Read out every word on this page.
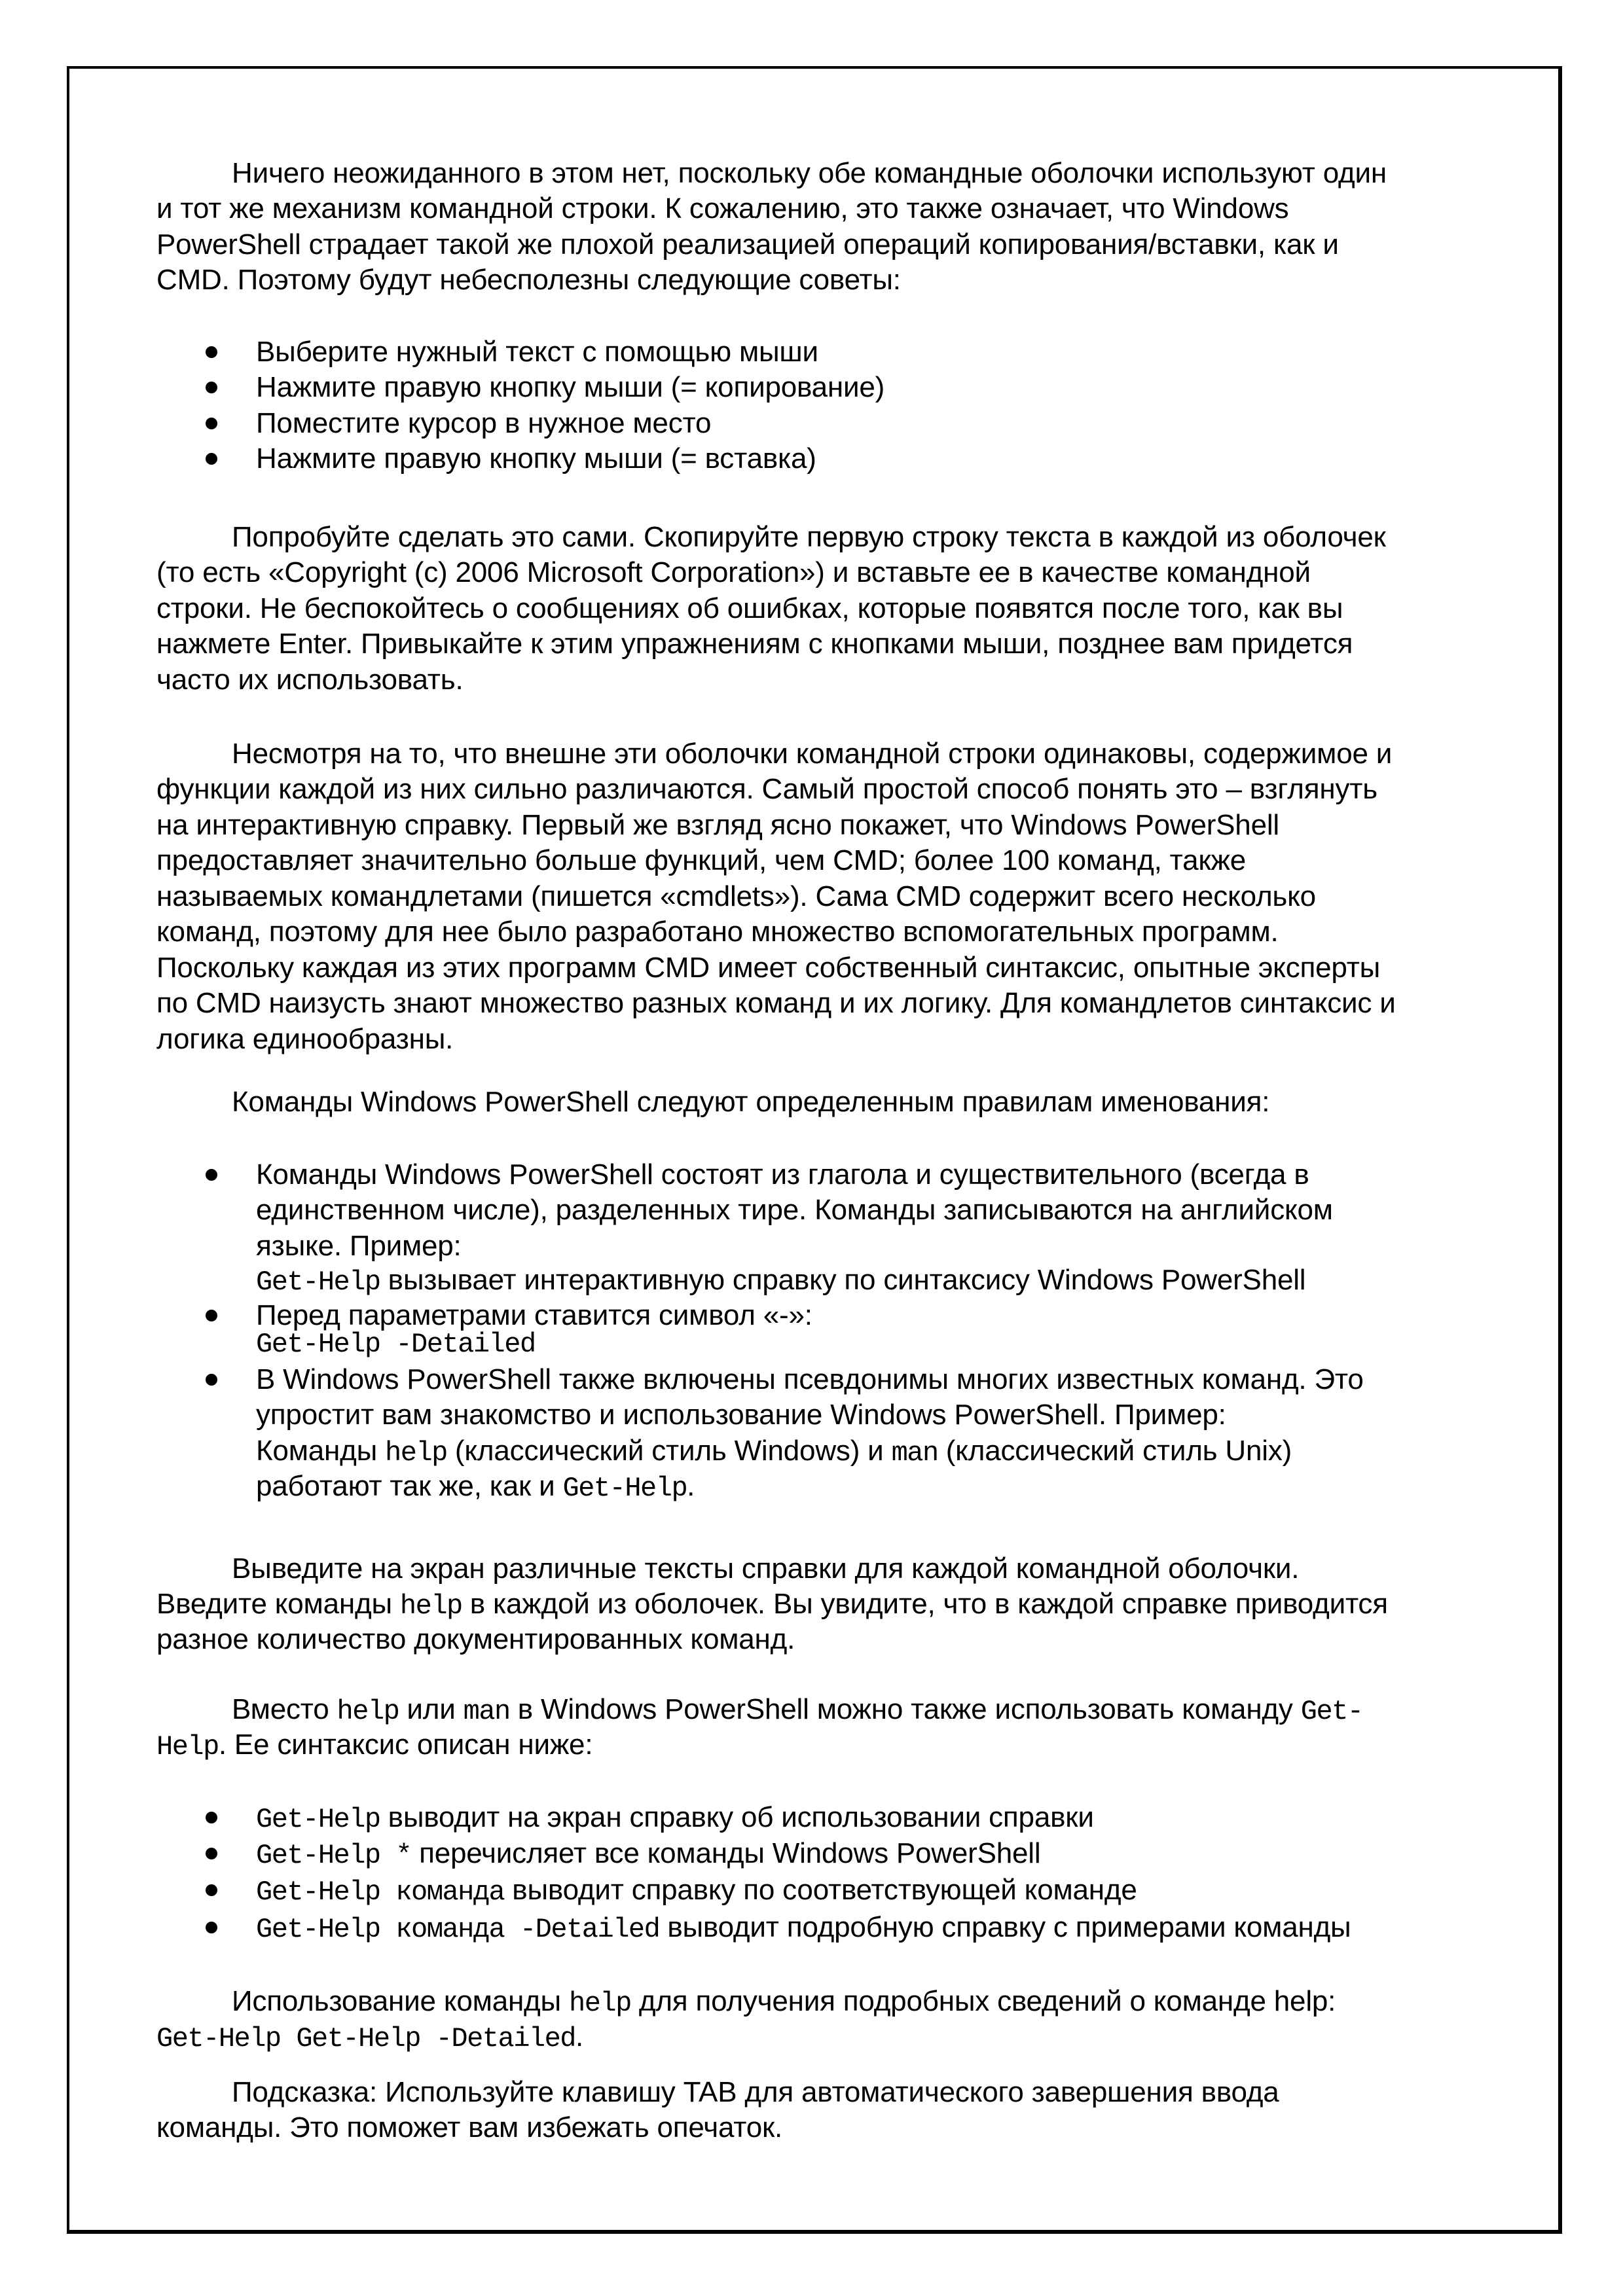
Ничего неожиданного в этом нет, поскольку обе командные оболочки используют один
и тот же механизм командной строки. К сожалению, это также означает, что Windows
PowerShell страдает такой же плохой реализацией операций копирования/вставки, как и
CMD. Поэтому будут небесполезны следующие советы:
Выберите нужный текст с помощью мыши
Нажмите правую кнопку мыши (= копирование)
Поместите курсор в нужное место
Нажмите правую кнопку мыши (= вставка)
Попробуйте сделать это сами. Скопируйте первую строку текста в каждой из оболочек
(то есть «Copyright (c) 2006 Microsoft Corporation») и вставьте ее в качестве командной
строки. Не беспокойтесь о сообщениях об ошибках, которые появятся после того, как вы
нажмете Enter. Привыкайте к этим упражнениям с кнопками мыши, позднее вам придется
часто их использовать.
Несмотря на то, что внешне эти оболочки командной строки одинаковы, содержимое и
функции каждой из них сильно различаются. Самый простой способ понять это – взглянуть
на интерактивную справку. Первый же взгляд ясно покажет, что Windows PowerShell
предоставляет значительно больше функций, чем CMD; более 100 команд, также
называемых командлетами (пишется «cmdlets»). Сама CMD содержит всего несколько
команд, поэтому для нее было разработано множество вспомогательных программ.
Поскольку каждая из этих программ CMD имеет собственный синтаксис, опытные эксперты
по CMD наизусть знают множество разных команд и их логику. Для командлетов синтаксис и
логика единообразны.
Команды Windows PowerShell следуют определенным правилам именования:
Команды Windows PowerShell состоят из глагола и существительного (всегда в
единственном числе), разделенных тире. Команды записываются на английском
языке. Пример:
Get-Help вызывает интерактивную справку по синтаксису Windows PowerShell
Перед параметрами ставится символ «-»:
Get-Help -Detailed
В Windows PowerShell также включены псевдонимы многих известных команд. Это
упростит вам знакомство и использование Windows PowerShell. Пример:
Команды help (классический стиль Windows) и man (классический стиль Unix)
работают так же, как и Get-Help.
Выведите на экран различные тексты справки для каждой командной оболочки.
Введите команды help в каждой из оболочек. Вы увидите, что в каждой справке приводится
разное количество документированных команд.
Вместо help или man в Windows PowerShell можно также использовать команду Get-
Help. Ее синтаксис описан ниже:
Get-Help выводит на экран справку об использовании справки
Get-Help * перечисляет все команды Windows PowerShell
Get-Help команда выводит справку по соответствующей команде
Get-Help команда -Detailed выводит подробную справку с примерами команды
Использование команды help для получения подробных сведений о команде help:
Get-Help Get-Help -Detailed.
Подсказка: Используйте клавишу TAB для автоматического завершения ввода
команды. Это поможет вам избежать опечаток.
